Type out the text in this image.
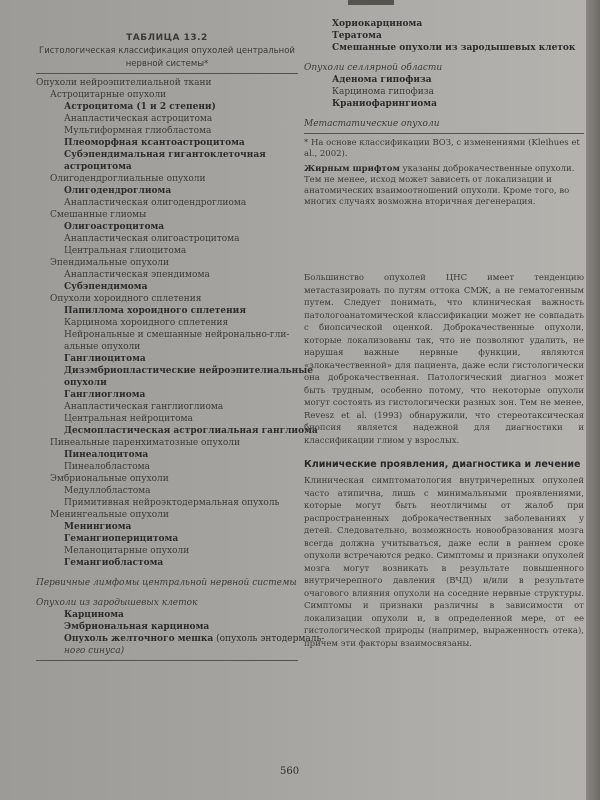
ТАБЛИЦА 13.2
Гистологическая классификация опухолей центральной
нервной системы*
Опухоли нейроэпителиальной ткани
Астроцитарные опухоли
Астроцитома (1 и 2 степени)
Анапластическая астроцитома
Мультиформная глиобластома
Плеоморфная ксантоастроцитома
Субэпендимальная гигантоклеточная
астроцитома
Олигодендроглиальные опухоли
Олигодендроглиома
Анапластическая олигодендроглиома
Смешанные глиомы
Олигоастроцитома
Анапластическая олигоастроцитома
Центральная глиоцитома
Эпендимальные опухоли
Анапластическая эпендимома
Субэпендимома
Опухоли хороидного сплетения
Папиллома хороидного сплетения
Карцинома хороидного сплетения
Нейрональные и смешанные нейронально-гли-
альные опухоли
Ганглиоцитома
Дизэмбриопластические нейроэпителиальные
опухоли
Ганглиоглиома
Анапластическая ганглиоглиома
Центральная нейроцитома
Десмопластическая астроглиальная ганглиома
Пинеальные паренхиматозные опухоли
Пинеалоцитома
Пинеалобластома
Эмбриональные опухоли
Медуллобластома
Примитивная нейроэктодермальная опухоль
Менингеальные опухоли
Менингиома
Гемангиоперицитома
Меланоцитарные опухоли
Гемангиобластома
Первичные лимфомы центральной нервной системы
Опухоли из зародышевых клеток
Карцинома
Эмбриональная карцинома
Опухоль желточного мешка (опухоль энтодермаль-
ного синуса)
Хориокарцинома
Тератома
Смешанные опухоли из зародышевых клеток
Опухоли селлярной области
Аденома гипофиза
Карцинома гипофиза
Краниофарингиома
Метастатические опухоли
* На основе классификации ВОЗ, с изменениями (Kleihues et al., 2002).
Жирным шрифтом указаны доброкачественные опухоли. Тем не менее, исход может зависеть от локализации и анатомических взаимоотношений опухоли. Кроме того, во многих случаях возможна вторичная дегенерация.
Большинство опухолей ЦНС имеет тенденцию метастазировать по путям оттока СМЖ, а не гематогенным путем. Следует понимать, что клиническая важность патологоанатомической классификации может не совпадать с биопсической оценкой. Доброкачественные опухоли, которые локализованы так, что не позволяют удалить, не нарушая важные нервные функции, являются «злокачественной» для пациента, даже если гистологически она доброкачественная. Патологический диагноз может быть трудным, особенно потому, что некоторые опухоли могут состоять из гистологически разных зон. Тем не менее, Revesz et al. (1993) обнаружили, что стереотаксическая биопсия является надежной для диагностики и классификации глиом у взрослых.
Клинические проявления, диагностика и лечение
Клиническая симптоматология внутричерепных опухолей часто атипична, лишь с минимальными проявлениями, которые могут быть неотличимы от жалоб при распространенных доброкачественных заболеваниях у детей. Следовательно, возможность новообразования мозга всегда должна учитываться, даже если в раннем сроке опухоли встречаются редко. Симптомы и признаки опухолей мозга могут возникать в результате повышенного внутричерепного давления (ВЧД) и/или в результате очагового влияния опухоли на соседние нервные структуры. Симптомы и признаки различны в зависимости от локализации опухоли и, в определенной мере, от ее гистологической природы (например, выраженность отека), причем эти факторы взаимосвязаны.
560
